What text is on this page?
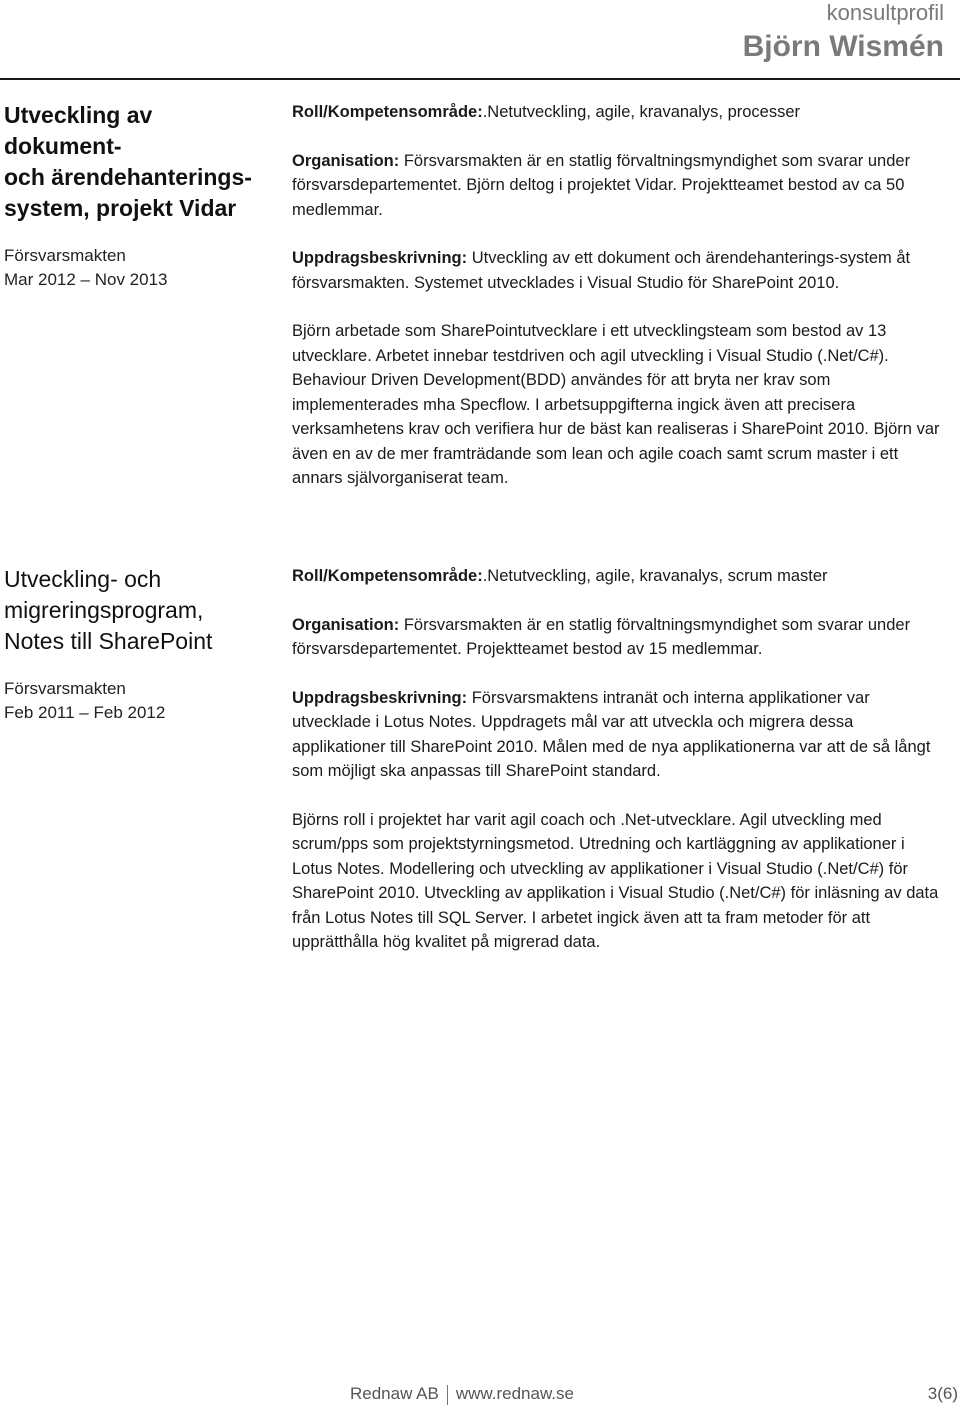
konsultprofil
Björn Wismén
Utveckling av dokument-
och ärendehanterings-
system, projekt Vidar
Försvarsmakten
Mar 2012 – Nov 2013

Roll/Kompetensområde:.Netutveckling, agile, kravanalys, processer

Organisation: Försvarsmakten är en statlig förvaltningsmyndighet som svarar under försvarsdepartementet. Björn deltog i projektet Vidar. Projektteamet bestod av ca 50 medlemmar.

Uppdragsbeskrivning: Utveckling av ett dokument och ärendehanterings-system åt försvarsmakten. Systemet utvecklades i Visual Studio för SharePoint 2010.

Björn arbetade som SharePointutvecklare i ett utvecklingsteam som bestod av 13 utvecklare. Arbetet innebar testdriven och agil utveckling i Visual Studio (.Net/C#). Behaviour Driven Development(BDD) användes för att bryta ner krav som implementerades mha Specflow. I arbetsuppgifterna ingick även att precisera verksamhetens krav och verifiera hur de bäst kan realiseras i SharePoint 2010. Björn var även en av de mer framträdande som lean och agile coach samt scrum master i ett annars självorganiserat team.

Utveckling- och
migreringsprogram,
Notes till SharePoint
Försvarsmakten
Feb 2011 – Feb 2012

Roll/Kompetensområde:.Netutveckling, agile, kravanalys, scrum master

Organisation: Försvarsmakten är en statlig förvaltningsmyndighet som svarar under försvarsdepartementet. Projektteamet bestod av 15 medlemmar.

Uppdragsbeskrivning: Försvarsmaktens intranät och interna applikationer var utvecklade i Lotus Notes. Uppdragets mål var att utveckla och migrera dessa applikationer till SharePoint 2010. Målen med de nya applikationerna var att de så långt som möjligt ska anpassas till SharePoint standard.

Björns roll i projektet har varit agil coach och .Net-utvecklare. Agil utveckling med scrum/pps som projektstyrningsmetod. Utredning och kartläggning av applikationer i Lotus Notes. Modellering och utveckling av applikationer i Visual Studio (.Net/C#) för SharePoint 2010. Utveckling av applikation i Visual Studio (.Net/C#) för inläsning av data från Lotus Notes till SQL Server. I arbetet ingick även att ta fram metoder för att upprätthålla hög kvalitet på migrerad data.

Rednaw AB www.rednaw.se	3(6)
